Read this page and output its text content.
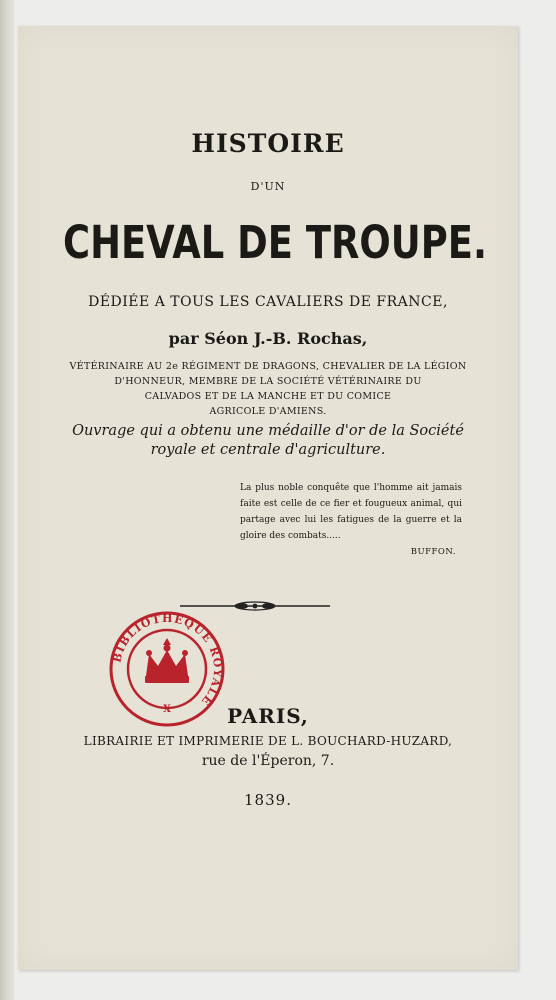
HISTOIRE
D'UN
CHEVAL DE TROUPE.
DÉDIÉE A TOUS LES CAVALIERS DE FRANCE,
par Séon J.-B. Rochas,
VÉTÉRINAIRE AU 2e RÉGIMENT DE DRAGONS, CHEVALIER DE LA LÉGION
D'HONNEUR, MEMBRE DE LA SOCIÉTÉ VÉTÉRINAIRE DU
CALVADOS ET DE LA MANCHE ET DU COMICE
AGRICOLE D'AMIENS.
Ouvrage qui a obtenu une médaille d'or de la Société
royale et centrale d'agriculture.
La plus noble conquête que l'homme ait jamais faite est celle de ce fier et fougueux animal, qui partage avec lui les fatigues de la guerre et la gloire des combats.....
BUFFON.
BIBLIOTHEQUE ROYALE
X	PARIS,
LIBRAIRIE ET IMPRIMERIE DE L. BOUCHARD-HUZARD,
rue de l'Éperon, 7.
1839.
